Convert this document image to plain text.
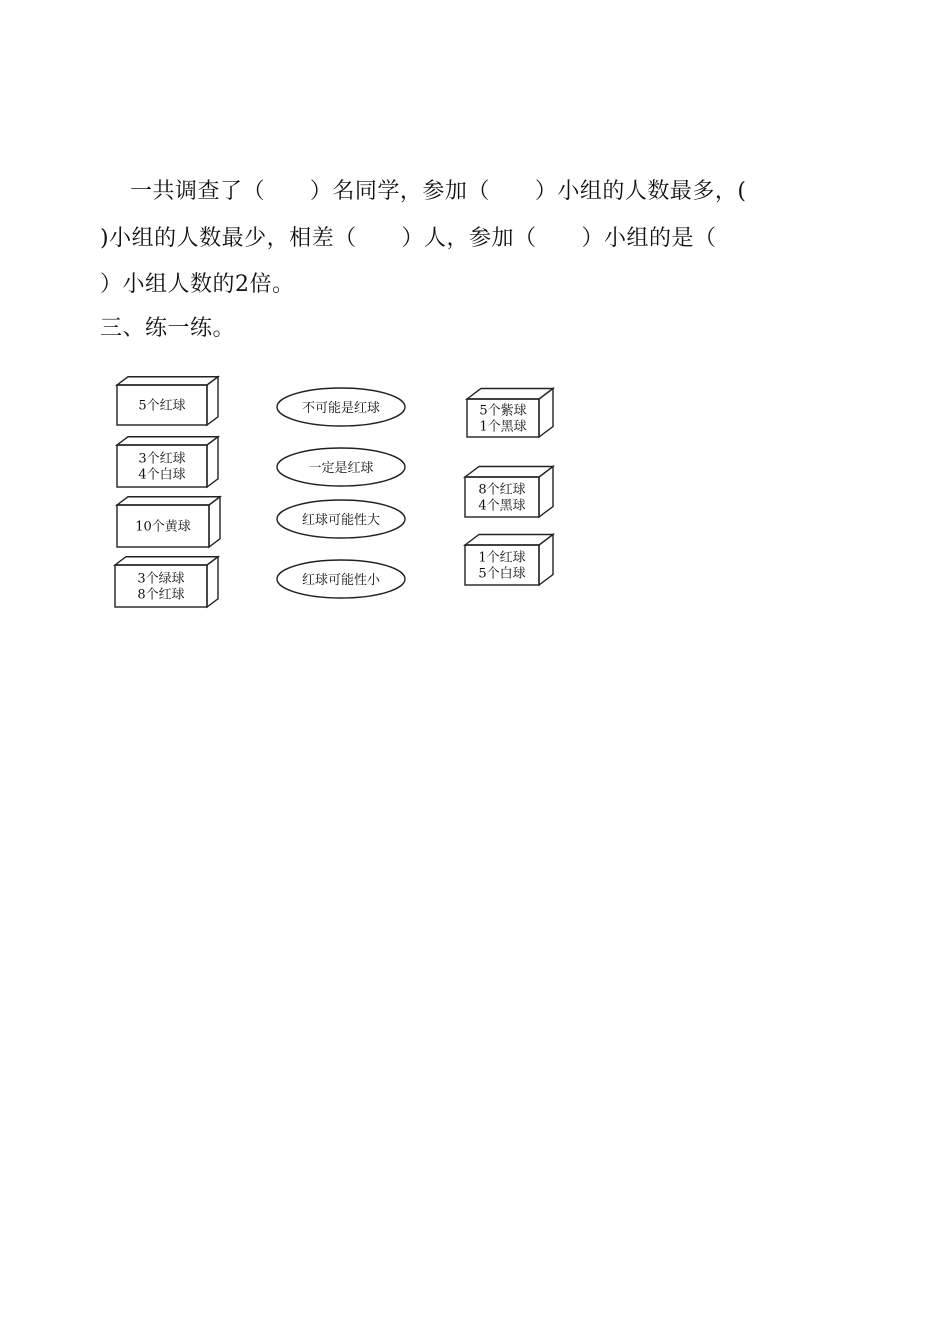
一共调查了（      ）名同学，参加（      ）小组的人数最多，(
)小组的人数最少，相差（      ）人，参加（      ）小组的是（
）小组人数的2倍。
三、练一练。
5个红球
3个红球
4个白球
10个黄球
3个绿球
8个红球
不可能是红球
一定是红球
红球可能性大
红球可能性小
5个紫球
1个黑球
8个红球
4个黑球
1个红球
5个白球
